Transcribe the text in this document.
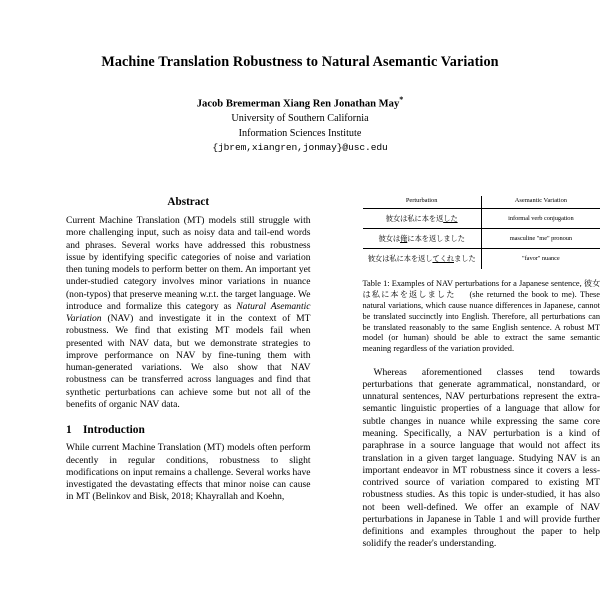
Machine Translation Robustness to Natural Asemantic Variation
Jacob Bremerman Xiang Ren Jonathan May*
University of Southern California
Information Sciences Institute
{jbrem,xiangren,jonmay}@usc.edu
Abstract

Current Machine Translation (MT) models still struggle with more challenging input, such as noisy data and tail-end words and phrases. Several works have addressed this robustness issue by identifying specific categories of noise and variation then tuning models to perform better on them. An important yet under-studied category involves minor variations in nuance (non-typos) that preserve meaning w.r.t. the target language. We introduce and formalize this category as Natural Asemantic Variation (NAV) and investigate it in the context of MT robustness. We find that existing MT models fail when presented with NAV data, but we demonstrate strategies to improve performance on NAV by fine-tuning them with human-generated variations. We also show that NAV robustness can be transferred across languages and find that synthetic perturbations can achieve some but not all of the benefits of organic NAV data.

1 Introduction

While current Machine Translation (MT) models often perform decently in regular conditions, robustness to slight modifications on input remains a challenge. Several works have investigated the devastating effects that minor noise can cause in MT (Belinkov and Bisk, 2018; Khayrallah and Koehn,

Perturbation	Asemantic Variation
彼女は私に本を返した	informal verb conjugation
彼女は俺に本を返しました	masculine "me" pronoun
彼女は私に本を返してくれました	"favor" nuance

Table 1: Examples of NAV perturbations for a Japanese sentence, 彼女は私に本を返しました (she returned the book to me). These natural variations, which cause nuance differences in Japanese, cannot be translated succinctly into English. Therefore, all perturbations can be translated reasonably to the same English sentence. A robust MT model (or human) should be able to extract the same semantic meaning regardless of the variation provided.

Whereas aforementioned classes tend towards perturbations that generate agrammatical, nonstandard, or unnatural sentences, NAV perturbations represent the extra-semantic linguistic properties of a language that allow for subtle changes in nuance while expressing the same core meaning. Specifically, a NAV perturbation is a kind of paraphrase in a source language that would not affect its translation in a given target language. Studying NAV is an important endeavor in MT robustness since it covers a less-contrived source of variation compared to existing MT robustness studies. As this topic is under-studied, it has also not been well-defined. We offer an example of NAV perturbations in Japanese in Table 1 and will provide further definitions and examples throughout the paper to help solidify the reader's understanding.
